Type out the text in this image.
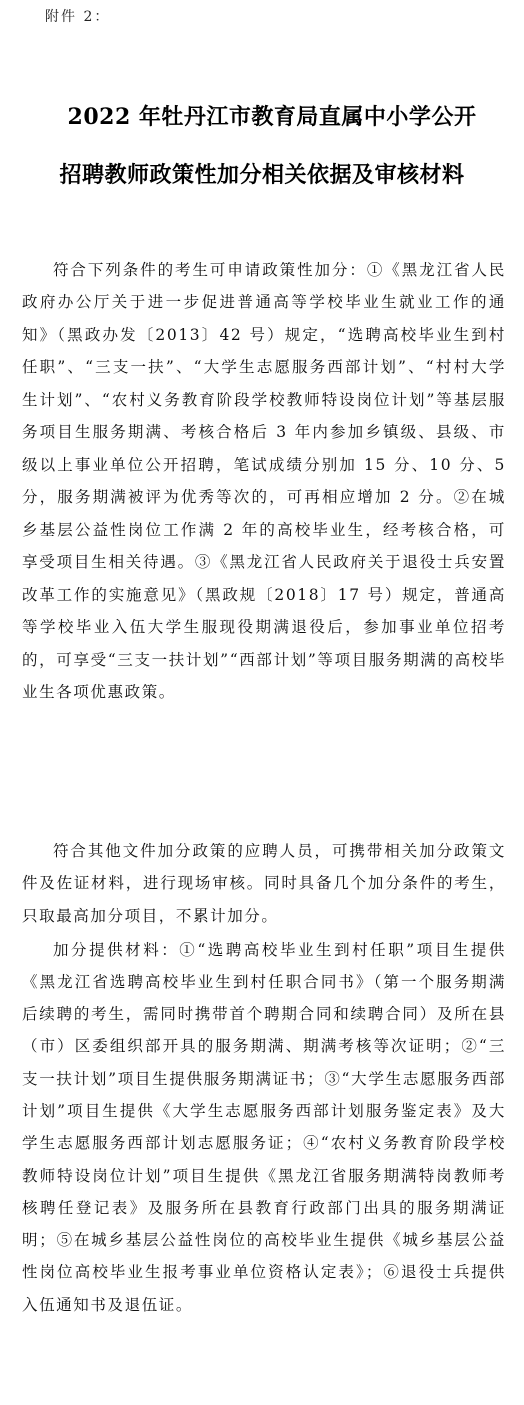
附件 2：
2022 年牡丹江市教育局直属中小学公开
招聘教师政策性加分相关依据及审核材料

符合下列条件的考生可申请政策性加分：①《黑龙江省人民政府办公厅关于进一步促进普通高等学校毕业生就业工作的通知》（黑政办发〔2013〕42 号）规定，“选聘高校毕业生到村任职”、“三支一扶”、“大学生志愿服务西部计划”、“村村大学生计划”、“农村义务教育阶段学校教师特设岗位计划”等基层服务项目生服务期满、考核合格后 3 年内参加乡镇级、县级、市级以上事业单位公开招聘，笔试成绩分别加 15 分、10 分、5 分，服务期满被评为优秀等次的，可再相应增加 2 分。②在城乡基层公益性岗位工作满 2 年的高校毕业生，经考核合格，可享受项目生相关待遇。③《黑龙江省人民政府关于退役士兵安置改革工作的实施意见》（黑政规〔2018〕17 号）规定，普通高等学校毕业入伍大学生服现役期满退役后，参加事业单位招考的，可享受“三支一扶计划”“西部计划”等项目服务期满的高校毕业生各项优惠政策。

符合其他文件加分政策的应聘人员，可携带相关加分政策文件及佐证材料，进行现场审核。同时具备几个加分条件的考生，只取最高加分项目，不累计加分。

加分提供材料：①“选聘高校毕业生到村任职”项目生提供《黑龙江省选聘高校毕业生到村任职合同书》（第一个服务期满后续聘的考生，需同时携带首个聘期合同和续聘合同）及所在县（市）区委组织部开具的服务期满、期满考核等次证明；②“三支一扶计划”项目生提供服务期满证书；③“大学生志愿服务西部计划”项目生提供《大学生志愿服务西部计划服务鉴定表》及大学生志愿服务西部计划志愿服务证；④“农村义务教育阶段学校教师特设岗位计划”项目生提供《黑龙江省服务期满特岗教师考核聘任登记表》及服务所在县教育行政部门出具的服务期满证明；⑤在城乡基层公益性岗位的高校毕业生提供《城乡基层公益性岗位高校毕业生报考事业单位资格认定表》；⑥退役士兵提供入伍通知书及退伍证。
